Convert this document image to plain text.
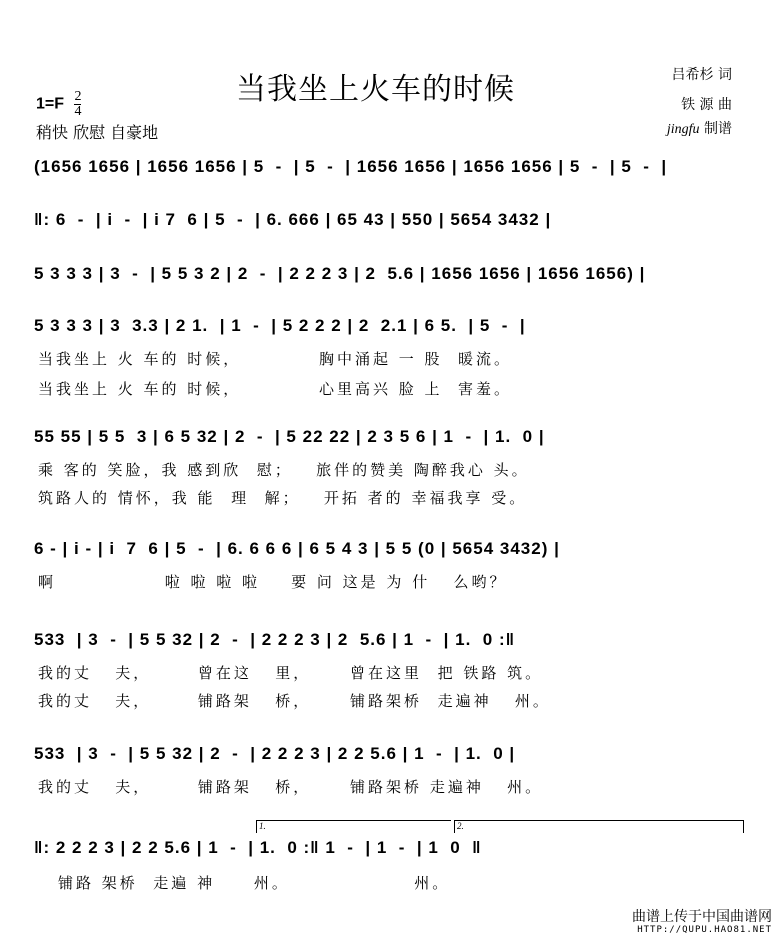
当我坐上火车的时候
$1=F \frac{2}{4}$
稍快 欣慰 自豪地
吕希杉 词
铁 源 曲
jingfu 制谱
(1656 1656 | 1656 1656 | 5  -  | 5  -  | 1656 1656 | 1656 1656 | 5  -  | 5  -  |
‖: 6  -  | i  -  | i 7  6 | 5  -  | 6. 666 | 65 43 | 550 | 5654 3432 |
5 3 3 3 | 3  -  | 5 5 3 2 | 2  -  | 2 2 2 3 | 2  5.6 | 1656 1656 | 1656 1656) |
5 3 3 3 | 3  3.3 | 2 1.  | 1  -  | 5 2 2 2 | 2  2.1 | 6 5.  | 5  -  |
当我坐上 火 车的 时候，          胸中涌起 一 股  暖流。
当我坐上 火 车的 时候，          心里高兴 脸 上  害羞。
55 55 | 5 5  3 | 6 5 32 | 2  -  | 5 22 22 | 2 3 5 6 | 1  -  | 1.  0 |
乘 客的 笑脸，我 感到欣  慰；   旅伴的赞美 陶醉我心 头。
筑路人的 情怀，我 能  理  解；   开拓 者的 幸福我享 受。
6 - | i - | i  7  6 | 5  -  | 6. 6 6 6 | 6 5 4 3 | 5 5 (0 | 5654 3432) |
啊              啦 啦 啦 啦    要 问 这是 为 什   么哟？
533  | 3  -  | 5 5 32 | 2  -  | 2 2 2 3 | 2  5.6 | 1  -  | 1.  0 :‖
我的丈   夫，      曾在这   里，     曾在这里  把 铁路 筑。
我的丈   夫，      铺路架   桥，     铺路架桥  走遍神   州。
533  | 3  -  | 5 5 32 | 2  -  | 2 2 2 3 | 2 2 5.6 | 1  -  | 1.  0 |
我的丈   夫，      铺路架   桥，     铺路架桥 走遍神   州。
1.	2.
‖: 2 2 2 3 | 2 2 5.6 | 1  -  | 1.  0 :‖ 1  -  | 1  -  | 1  0  ‖
铺路 架桥  走遍 神     州。                州。
曲谱上传于中国曲谱网
HTTP://QUPU.HAO81.NET
